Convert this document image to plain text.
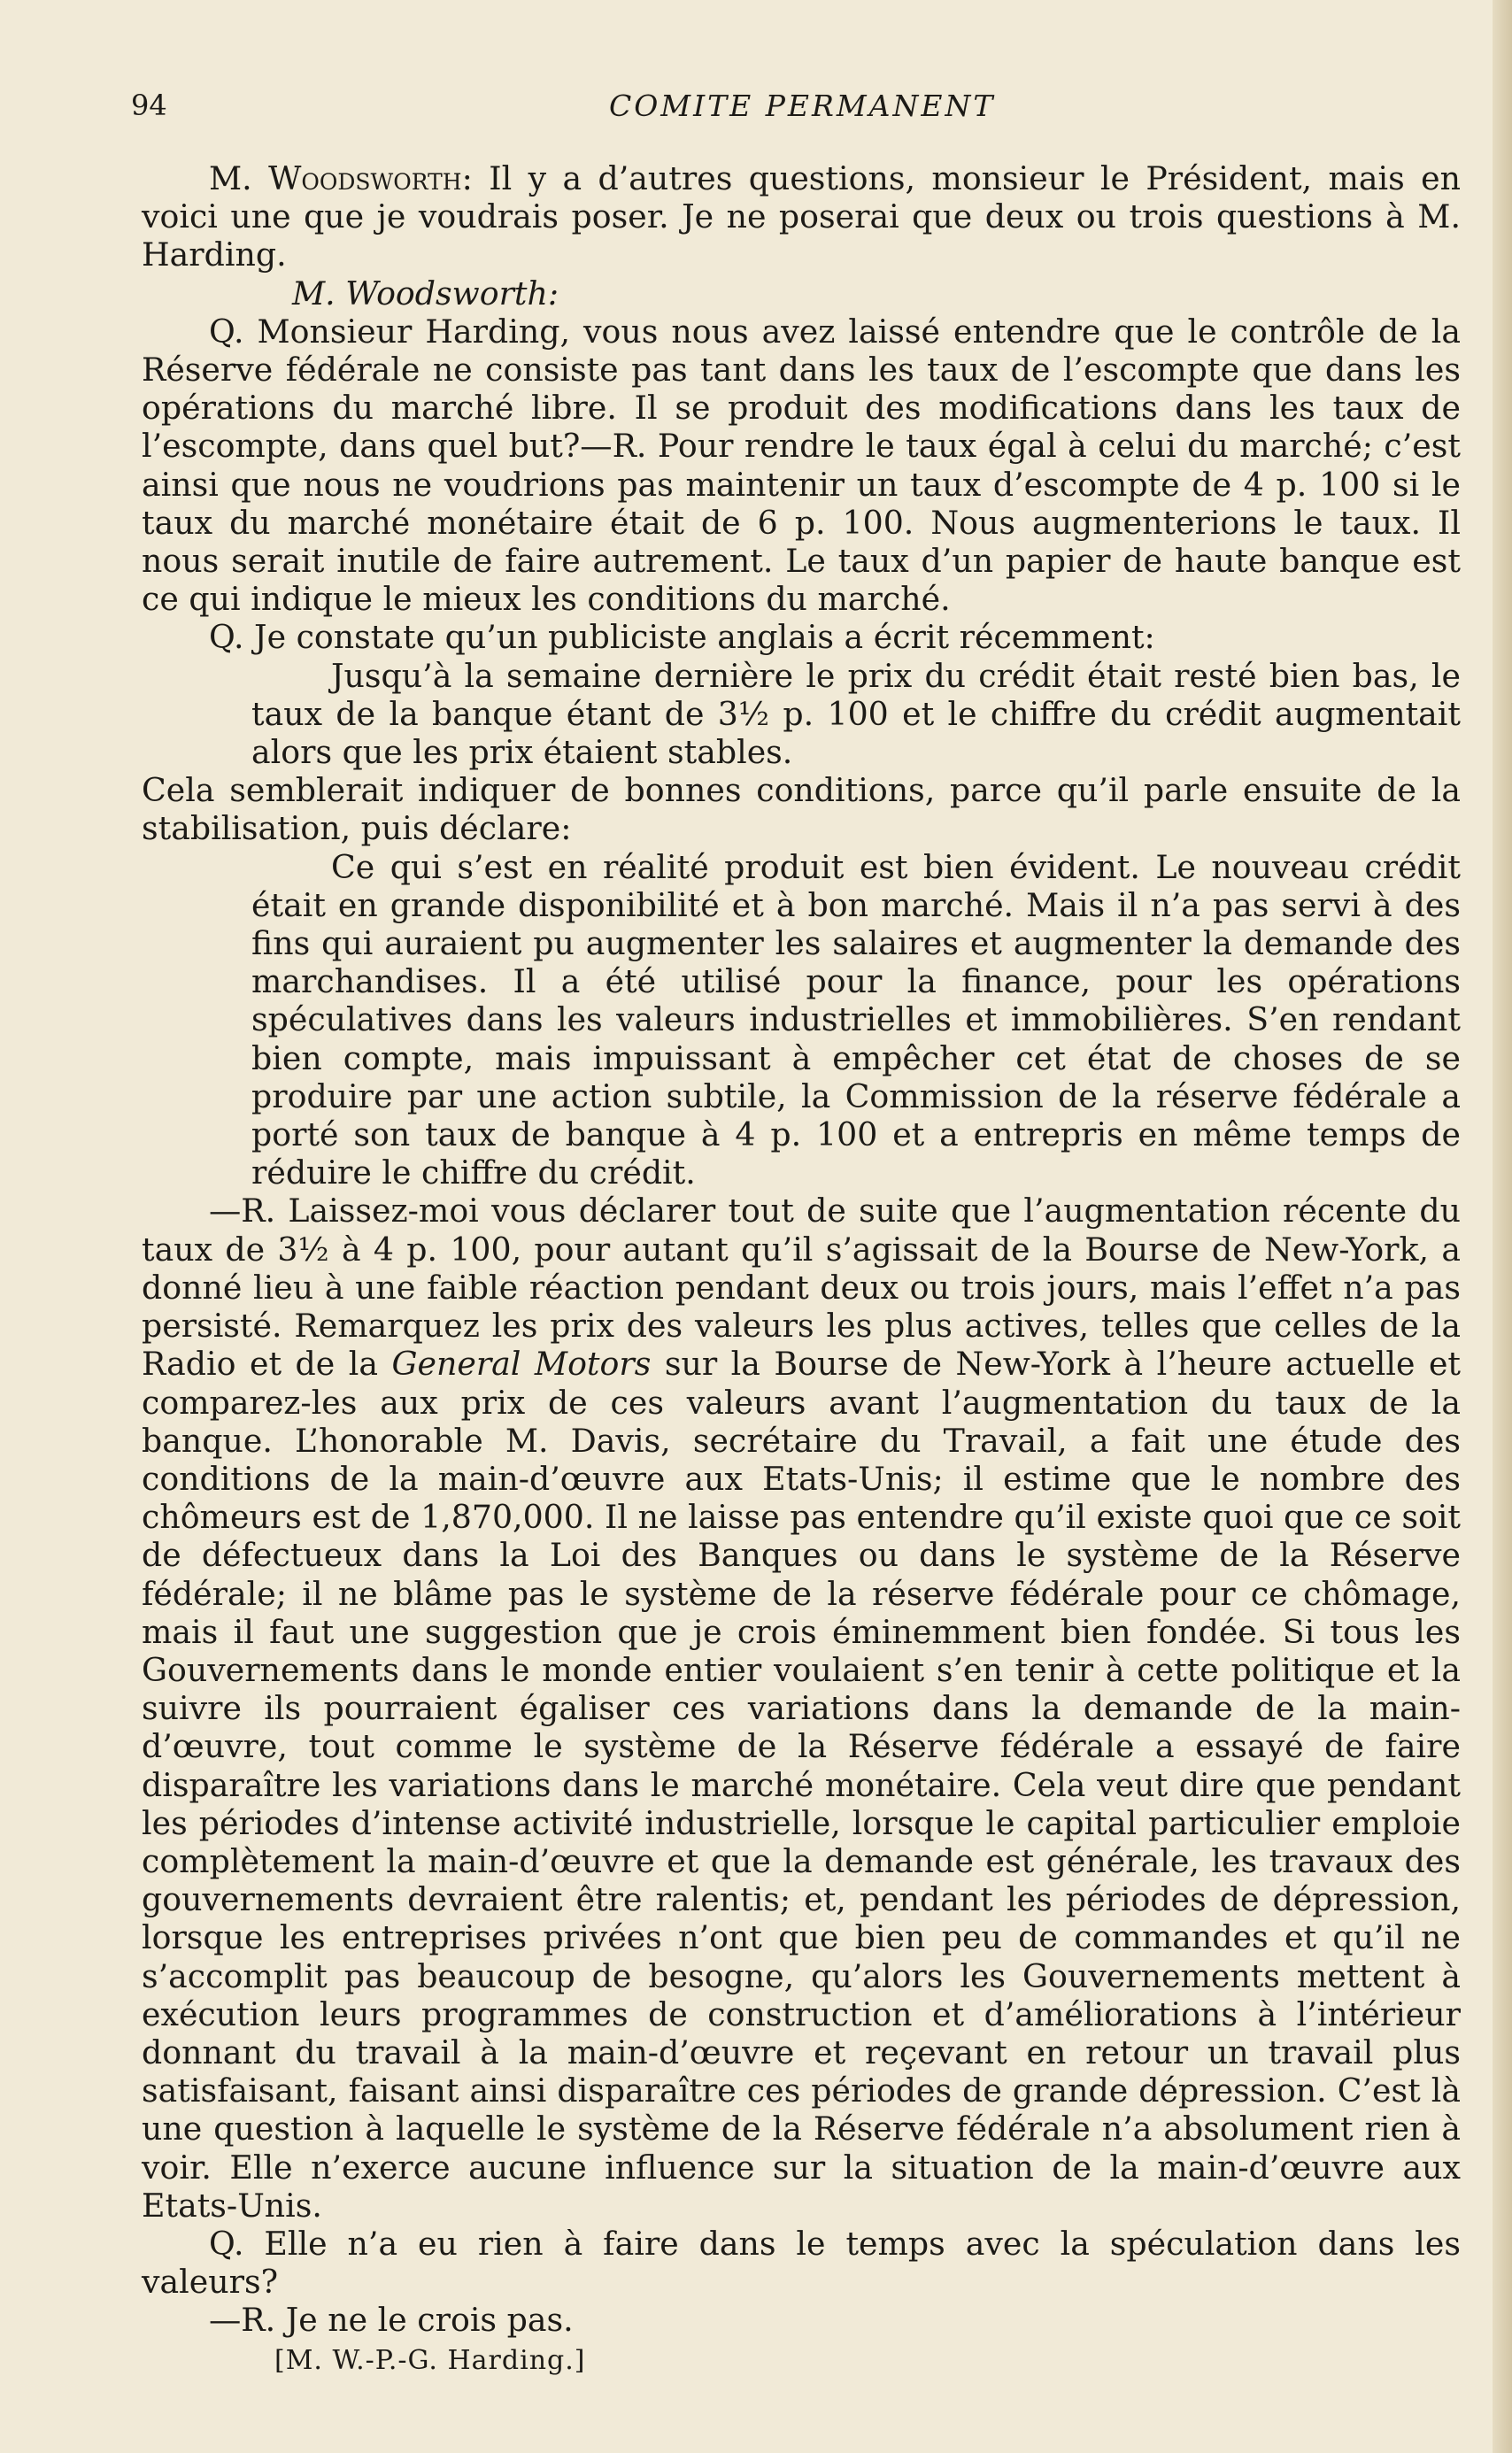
94	COMITE PERMANENT

M. Woodsworth: Il y a d’autres questions, monsieur le Président, mais en voici une que je voudrais poser. Je ne poserai que deux ou trois questions à M. Harding.

M. Woodsworth:

Q. Monsieur Harding, vous nous avez laissé entendre que le contrôle de la Réserve fédérale ne consiste pas tant dans les taux de l’escompte que dans les opérations du marché libre. Il se produit des modifications dans les taux de l’escompte, dans quel but?—R. Pour rendre le taux égal à celui du marché; c’est ainsi que nous ne voudrions pas maintenir un taux d’escompte de 4 p. 100 si le taux du marché monétaire était de 6 p. 100. Nous augmenterions le taux. Il nous serait inutile de faire autrement. Le taux d’un papier de haute banque est ce qui indique le mieux les conditions du marché.

Q. Je constate qu’un publiciste anglais a écrit récemment:

Jusqu’à la semaine dernière le prix du crédit était resté bien bas, le taux de la banque étant de 3½ p. 100 et le chiffre du crédit augmentait alors que les prix étaient stables.

Cela semblerait indiquer de bonnes conditions, parce qu’il parle ensuite de la stabilisation, puis déclare:

Ce qui s’est en réalité produit est bien évident. Le nouveau crédit était en grande disponibilité et à bon marché. Mais il n’a pas servi à des fins qui auraient pu augmenter les salaires et augmenter la demande des marchandises. Il a été utilisé pour la finance, pour les opérations spéculatives dans les valeurs industrielles et immobilières. S’en rendant bien compte, mais impuissant à empêcher cet état de choses de se produire par une action subtile, la Commission de la réserve fédérale a porté son taux de banque à 4 p. 100 et a entrepris en même temps de réduire le chiffre du crédit.

—R. Laissez-moi vous déclarer tout de suite que l’augmentation récente du taux de 3½ à 4 p. 100, pour autant qu’il s’agissait de la Bourse de New-York, a donné lieu à une faible réaction pendant deux ou trois jours, mais l’effet n’a pas persisté. Remarquez les prix des valeurs les plus actives, telles que celles de la Radio et de la General Motors sur la Bourse de New-York à l’heure actuelle et comparez-les aux prix de ces valeurs avant l’augmentation du taux de la banque. L’honorable M. Davis, secrétaire du Travail, a fait une étude des conditions de la main-d’œuvre aux Etats-Unis; il estime que le nombre des chômeurs est de 1,870,000. Il ne laisse pas entendre qu’il existe quoi que ce soit de défectueux dans la Loi des Banques ou dans le système de la Réserve fédérale; il ne blâme pas le système de la réserve fédérale pour ce chômage, mais il faut une suggestion que je crois éminemment bien fondée. Si tous les Gouvernements dans le monde entier voulaient s’en tenir à cette politique et la suivre ils pourraient égaliser ces variations dans la demande de la main-d’œuvre, tout comme le système de la Réserve fédérale a essayé de faire disparaître les variations dans le marché monétaire. Cela veut dire que pendant les périodes d’intense activité industrielle, lorsque le capital particulier emploie complètement la main-d’œuvre et que la demande est générale, les travaux des gouvernements devraient être ralentis; et, pendant les périodes de dépression, lorsque les entreprises privées n’ont que bien peu de commandes et qu’il ne s’accomplit pas beaucoup de besogne, qu’alors les Gouvernements mettent à exécution leurs programmes de construction et d’améliorations à l’intérieur donnant du travail à la main-d’œuvre et reçevant en retour un travail plus satisfaisant, faisant ainsi disparaître ces périodes de grande dépression. C’est là une question à laquelle le système de la Réserve fédérale n’a absolument rien à voir. Elle n’exerce aucune influence sur la situation de la main-d’œuvre aux Etats-Unis.

Q. Elle n’a eu rien à faire dans le temps avec la spéculation dans les valeurs?

—R. Je ne le crois pas.

[M. W.-P.-G. Harding.]
